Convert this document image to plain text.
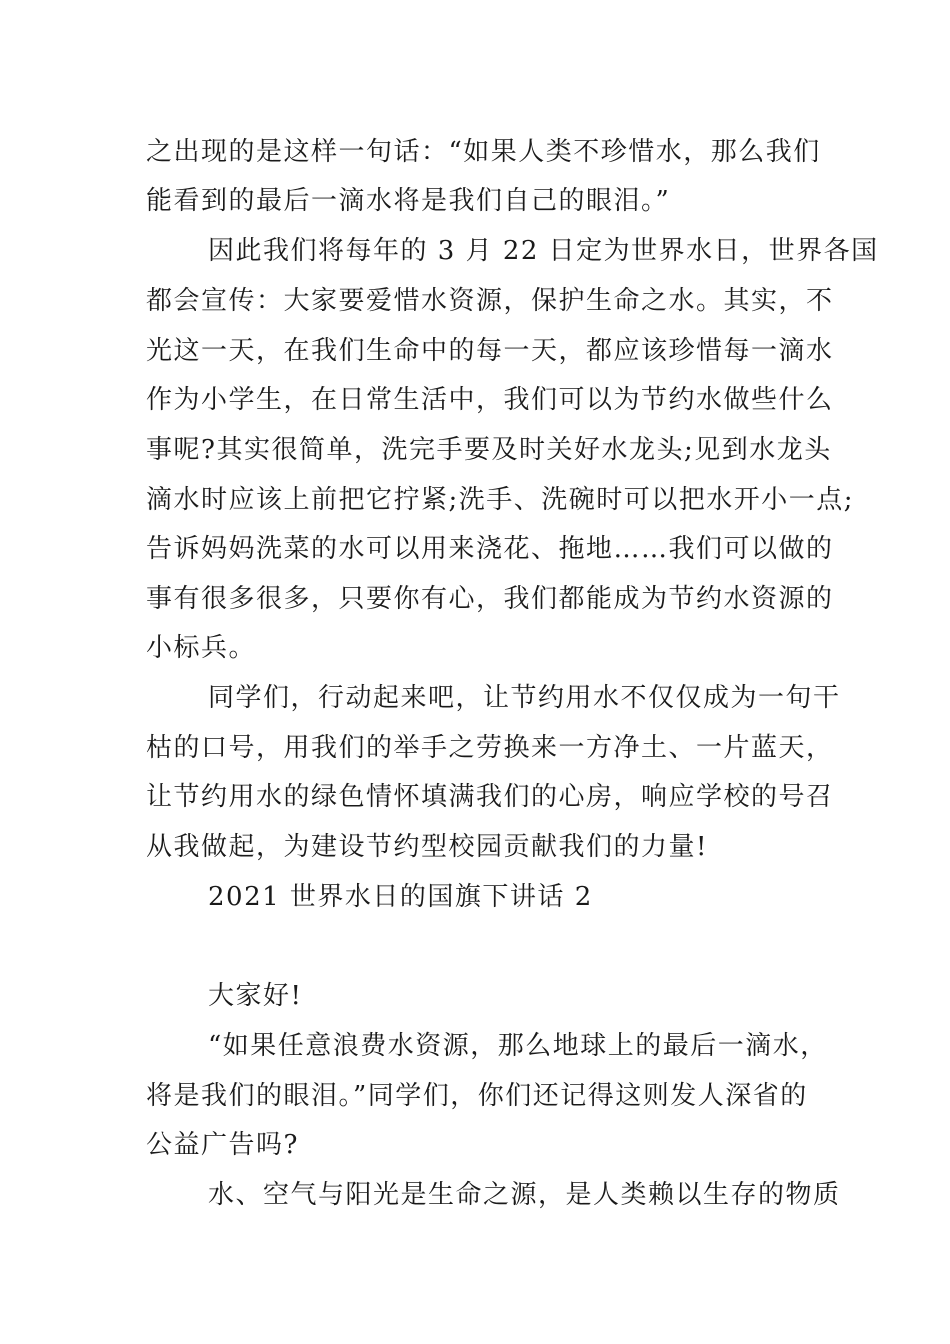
之出现的是这样一句话：“如果人类不珍惜水，那么我们
能看到的最后一滴水将是我们自己的眼泪。”
因此我们将每年的 3 月 22 日定为世界水日，世界各国
都会宣传：大家要爱惜水资源，保护生命之水。其实，不
光这一天，在我们生命中的每一天，都应该珍惜每一滴水
作为小学生，在日常生活中，我们可以为节约水做些什么
事呢?其实很简单，洗完手要及时关好水龙头;见到水龙头
滴水时应该上前把它拧紧;洗手、洗碗时可以把水开小一点;
告诉妈妈洗菜的水可以用来浇花、拖地……我们可以做的
事有很多很多，只要你有心，我们都能成为节约水资源的
小标兵。
同学们，行动起来吧，让节约用水不仅仅成为一句干
枯的口号，用我们的举手之劳换来一方净土、一片蓝天，
让节约用水的绿色情怀填满我们的心房，响应学校的号召
从我做起，为建设节约型校园贡献我们的力量!
2021 世界水日的国旗下讲话 2
大家好!
“如果任意浪费水资源，那么地球上的最后一滴水，
将是我们的眼泪。”同学们，你们还记得这则发人深省的
公益广告吗?
水、空气与阳光是生命之源，是人类赖以生存的物质
